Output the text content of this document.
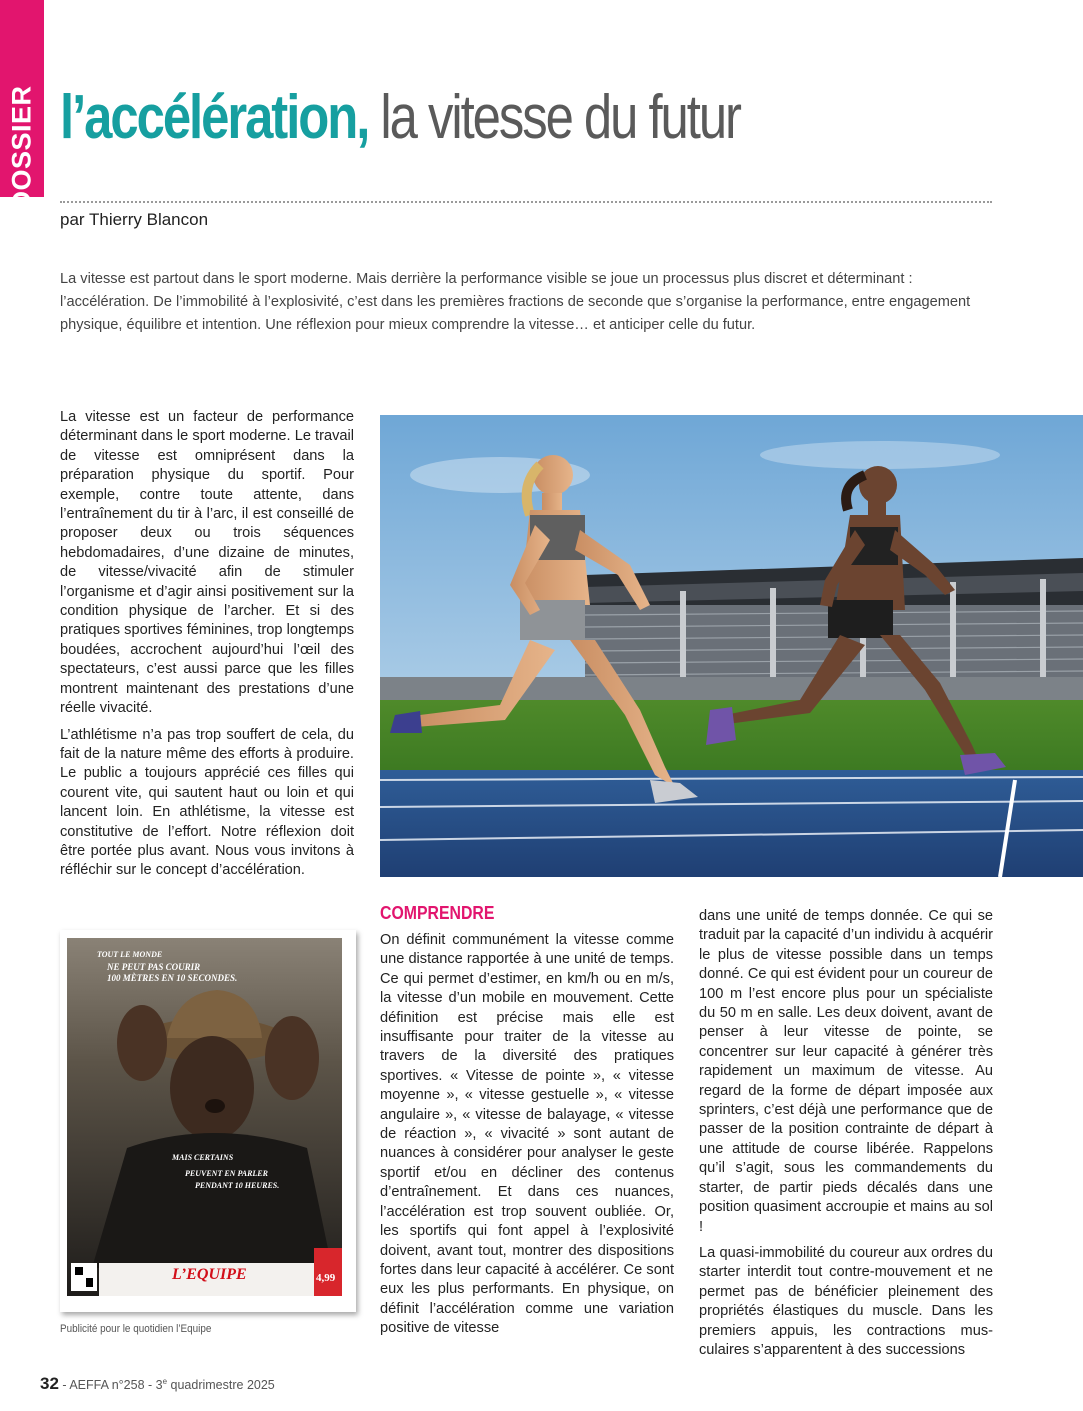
DOSSIER l’accélération, la vitesse du futur
par Thierry Blancon

La vitesse est partout dans le sport moderne. Mais derrière la performance visible se joue un processus plus discret et déterminant : l’accélération. De l’immobilité à l’explosivité, c’est dans les premières fractions de seconde que s’organise la performance, entre engagement physique, équilibre et intention. Une réflexion pour mieux comprendre la vitesse… et anticiper celle du futur.

La vitesse est un facteur de performance déterminant dans le sport moderne. Le travail de vitesse est omniprésent dans la préparation physique du sportif. Pour exemple, contre toute attente, dans l’entraînement du tir à l’arc, il est conseillé de proposer deux ou trois séquences hebdomadaires, d’une dizaine de minutes, de vitesse/vivacité afin de stimuler l’organisme et d’agir ainsi positivement sur la condition physique de l’archer. Et si des pratiques sportives féminines, trop longtemps boudées, accrochent aujourd’hui l’œil des spectateurs, c’est aussi parce que les filles montrent maintenant des prestations d’une réelle vivacité.

L’athlétisme n’a pas trop souffert de cela, du fait de la nature même des efforts à produire. Le public a toujours apprécié ces filles qui courent vite, qui sautent haut ou loin et qui lancent loin. En athlétisme, la vitesse est constitutive de l’effort. Notre réflexion doit être portée plus avant. Nous vous invitons à réfléchir sur le concept d’accélération.

TOUT LE MONDE
NE PEUT PAS COURIR
100 MÈTRES EN 10 SECONDES.
MAIS CERTAINS
PEUVENT EN PARLER
PENDANT 10 HEURES.
L’EQUIPE	4,99
Publicité pour le quotidien l’Equipe
COMPRENDRE

On définit communément la vitesse comme une distance rapportée à une unité de temps. Ce qui permet d’estimer, en km/h ou en m/s, la vitesse d’un mobile en mouvement. Cette définition est précise mais elle est insuffisante pour traiter de la vitesse au travers de la diversité des pratiques sportives. « Vitesse de pointe », « vitesse moyenne », « vitesse gestuelle », « vitesse angulaire », « vitesse de balayage, « vitesse de réaction », « vivacité » sont autant de nuances à considérer pour analyser le geste sportif et/ou en décliner des contenus d’entraînement. Et dans ces nuances, l’accélération est trop souvent oubliée. Or, les sportifs qui font appel à l’explosivité doivent, avant tout, montrer des dispositions fortes dans leur capacité à accélérer. Ce sont eux les plus performants. En physique, on définit l’accélération comme une variation positive de vitesse

dans une unité de temps donnée. Ce qui se traduit par la capacité d’un individu à acquérir le plus de vitesse possible dans un temps donné. Ce qui est évident pour un coureur de 100 m l’est encore plus pour un spécialiste du 50 m en salle. Les deux doivent, avant de penser à leur vitesse de pointe, se concentrer sur leur capacité à générer très rapidement un maximum de vitesse. Au regard de la forme de départ imposée aux sprinters, c’est déjà une performance que de passer de la position contrainte de départ à une attitude de course libérée. Rappelons qu’il s’agit, sous les commandements du starter, de partir pieds décalés dans une position quasiment accroupie et mains au sol !

La quasi-immobilité du coureur aux ordres du starter interdit tout contre-mouvement et ne permet pas de bénéficier pleinement des propriétés élastiques du muscle. Dans les premiers appuis, les contractions musculaires s’apparentent à des successions

32 - AEFFA n°258 - 3e quadrimestre 2025
